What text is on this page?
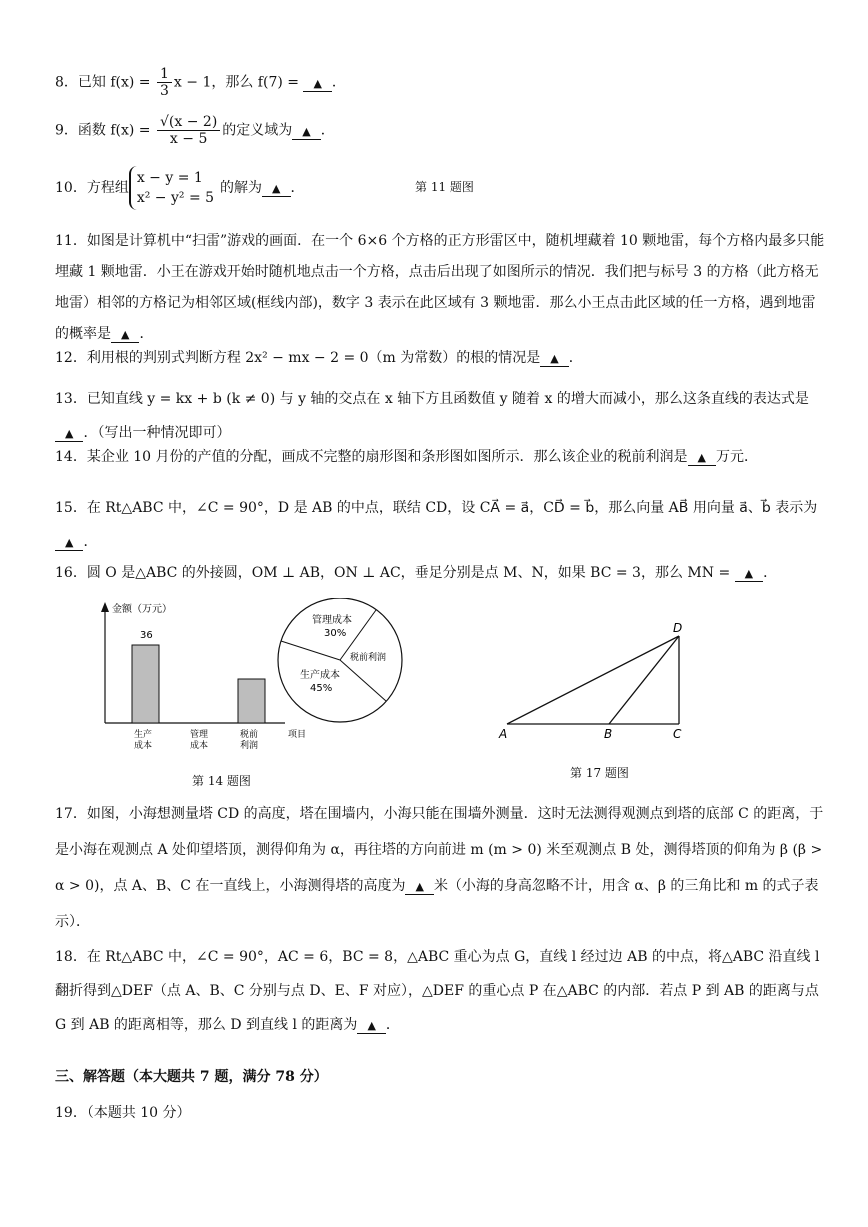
8．已知 $f(x) = \frac{1}{3}$ x − 1，那么 f(7) = ▲ ．
9．函数 $f(x) = \frac{√(x - 2)}{x - 5}$ 的定义域为 ▲ ．
10．方程组
x − y = 1
x² − y² = 5
的解为 ▲ ．	第 11 题图
11．如图是计算机中“扫雷”游戏的画面．在一个 6×6 个方格的正方形雷区中，随机埋藏着 10 颗地雷，每个方格内最多只能埋藏 1 颗地雷．小王在游戏开始时随机地点击一个方格，点击后出现了如图所示的情况．我们把与标号 3 的方格（此方格无地雷）相邻的方格记为相邻区域(框线内部)，数字 3 表示在此区域有 3 颗地雷．那么小王点击此区域的任一方格，遇到地雷的概率是 ▲ ．
12．利用根的判别式判断方程 2x² − mx − 2 = 0（m 为常数）的根的情况是 ▲ ．
13．已知直线 y = kx + b (k ≠ 0) 与 y 轴的交点在 x 轴下方且函数值 y 随着 x 的增大而减小，那么这条直线的表达式是▲ ．（写出一种情况即可）
14．某企业 10 月份的产值的分配，画成不完整的扇形图和条形图如图所示．那么该企业的税前利润是 ▲ 万元．
15．在 Rt△ABC 中，∠C = 90°，D 是 AB 的中点，联结 CD，设 CA⃗ = a⃗，CD⃗ = b⃗，那么向量 AB⃗ 用向量 a⃗、b⃗ 表示为▲ ．
16．圆 O 是△ABC 的外接圆，OM ⊥ AB，ON ⊥ AC，垂足分别是点 M、N，如果 BC = 3，那么 MN = ▲ ．
金额（万元）
36
生产成本
管理成本
税前利润
项目
管理成本
30%
税前利润
生产成本
45%
第 14 题图
A	B	C
D
第 17 题图
17．如图，小海想测量塔 CD 的高度，塔在围墙内，小海只能在围墙外测量．这时无法测得观测点到塔的底部 C 的距离，于是小海在观测点 A 处仰望塔顶，测得仰角为 α，再往塔的方向前进 m (m > 0) 米至观测点 B 处，测得塔顶的仰角为 β (β > α > 0)，点 A、B、C 在一直线上，小海测得塔的高度为 ▲ 米（小海的身高忽略不计，用含 α、β 的三角比和 m 的式子表示）．
18．在 Rt△ABC 中，∠C = 90°，AC = 6，BC = 8，△ABC 重心为点 G，直线 l 经过边 AB 的中点，将△ABC 沿直线 l 翻折得到△DEF（点 A、B、C 分别与点 D、E、F 对应），△DEF 的重心点 P 在△ABC 的内部．若点 P 到 AB 的距离与点 G 到 AB 的距离相等，那么 D 到直线 l 的距离为 ▲ ．
三、解答题（本大题共 7 题，满分 78 分）
19．（本题共 10 分）
